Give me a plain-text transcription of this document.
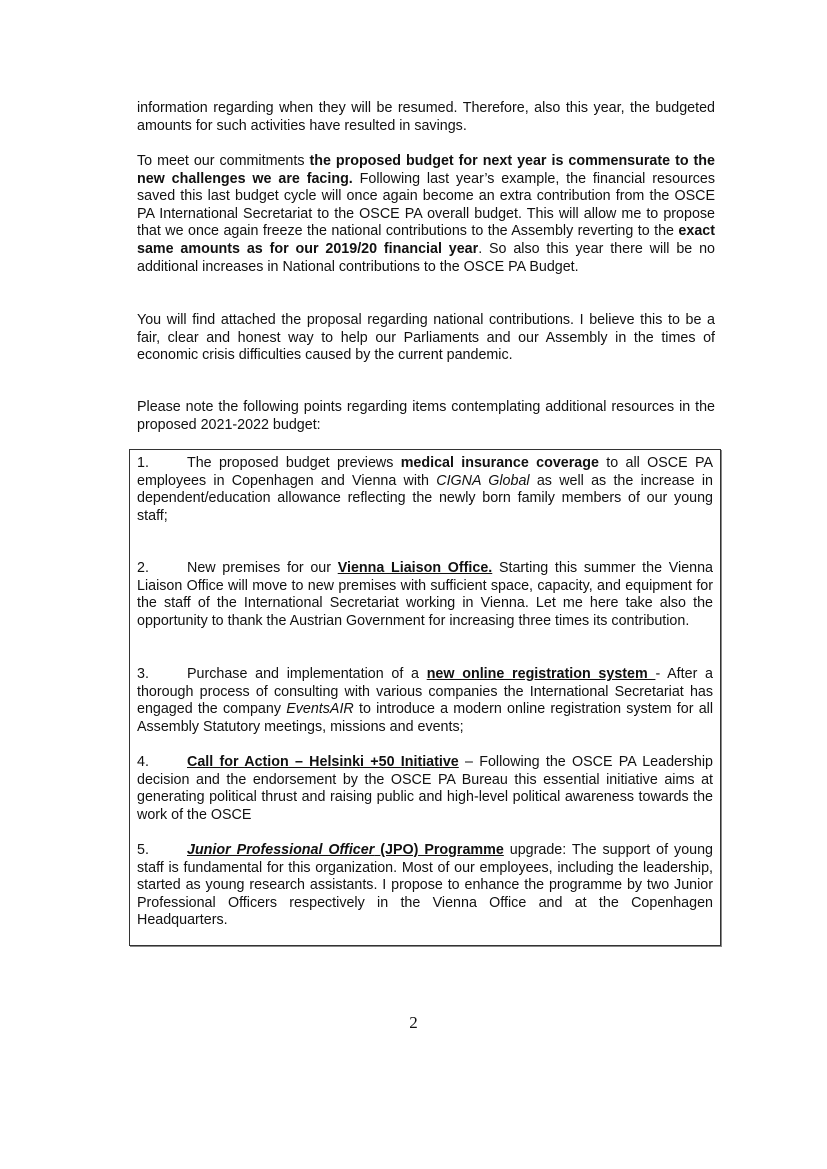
information regarding when they will be resumed. Therefore, also this year, the budgeted amounts for such activities have resulted in savings.

To meet our commitments the proposed budget for next year is commensurate to the new challenges we are facing. Following last year’s example, the financial resources saved this last budget cycle will once again become an extra contribution from the OSCE PA International Secretariat to the OSCE PA overall budget. This will allow me to propose that we once again freeze the national contributions to the Assembly reverting to the exact same amounts as for our 2019/20 financial year. So also this year there will be no additional increases in National contributions to the OSCE PA Budget.

You will find attached the proposal regarding national contributions. I believe this to be a fair, clear and honest way to help our Parliaments and our Assembly in the times of economic crisis difficulties caused by the current pandemic.

Please note the following points regarding items contemplating additional resources in the proposed 2021-2022 budget:

1.	The proposed budget previews medical insurance coverage to all OSCE PA employees in Copenhagen and Vienna with CIGNA Global as well as the increase in dependent/education allowance reflecting the newly born family members of our young staff;

2.	New premises for our Vienna Liaison Office. Starting this summer the Vienna Liaison Office will move to new premises with sufficient space, capacity, and equipment for the staff of the International Secretariat working in Vienna. Let me here take also the opportunity to thank the Austrian Government for increasing three times its contribution.

3.	Purchase and implementation of a new online registration system - After a thorough process of consulting with various companies the International Secretariat has engaged the company EventsAIR to introduce a modern online registration system for all Assembly Statutory meetings, missions and events;

4.	Call for Action – Helsinki +50 Initiative – Following the OSCE PA Leadership decision and the endorsement by the OSCE PA Bureau this essential initiative aims at generating political thrust and raising public and high-level political awareness towards the work of the OSCE

5.	Junior Professional Officer (JPO) Programme upgrade: The support of young staff is fundamental for this organization. Most of our employees, including the leadership, started as young research assistants. I propose to enhance the programme by two Junior Professional Officers respectively in the Vienna Office and at the Copenhagen Headquarters.

2
